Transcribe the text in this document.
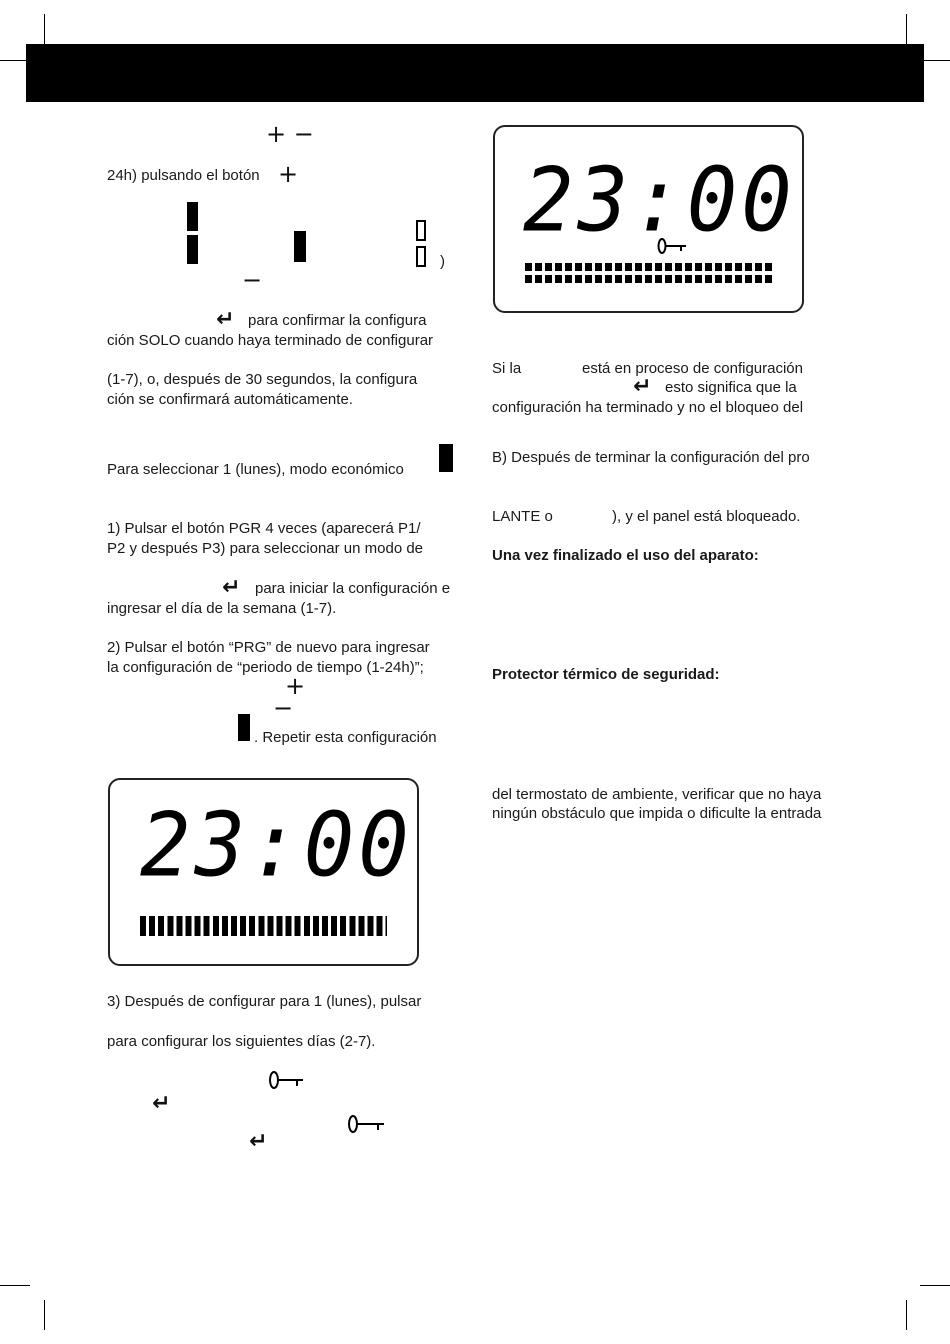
+ −
24h) pulsando el botón +
)
−
↵ para confirmar la configura
ción SOLO cuando haya terminado de configurar
(1-7), o, después de 30 segundos, la configura
ción se confirmará automáticamente.
Para seleccionar 1 (lunes), modo económico
1) Pulsar el botón PGR 4 veces (aparecerá P1/
P2 y después P3) para seleccionar un modo de
↵ para iniciar la configuración e
ingresar el día de la semana (1-7).
2) Pulsar el botón “PRG” de nuevo para ingresar
la configuración de “periodo de tiempo (1-24h)”;
+
−
. Repetir esta configuración
23:00
3) Después de configurar para 1 (lunes), pulsar
para configurar los siguientes días (2-7).
↵
↵
23:00
Si la	está en proceso de configuración
↵ esto significa que la
configuración ha terminado y no el bloqueo del
B) Después de terminar la configuración del pro
LANTE o	), y el panel está bloqueado.
Una vez finalizado el uso del aparato:
Protector térmico de seguridad:
del termostato de ambiente, verificar que no haya
ningún obstáculo que impida o dificulte la entrada
